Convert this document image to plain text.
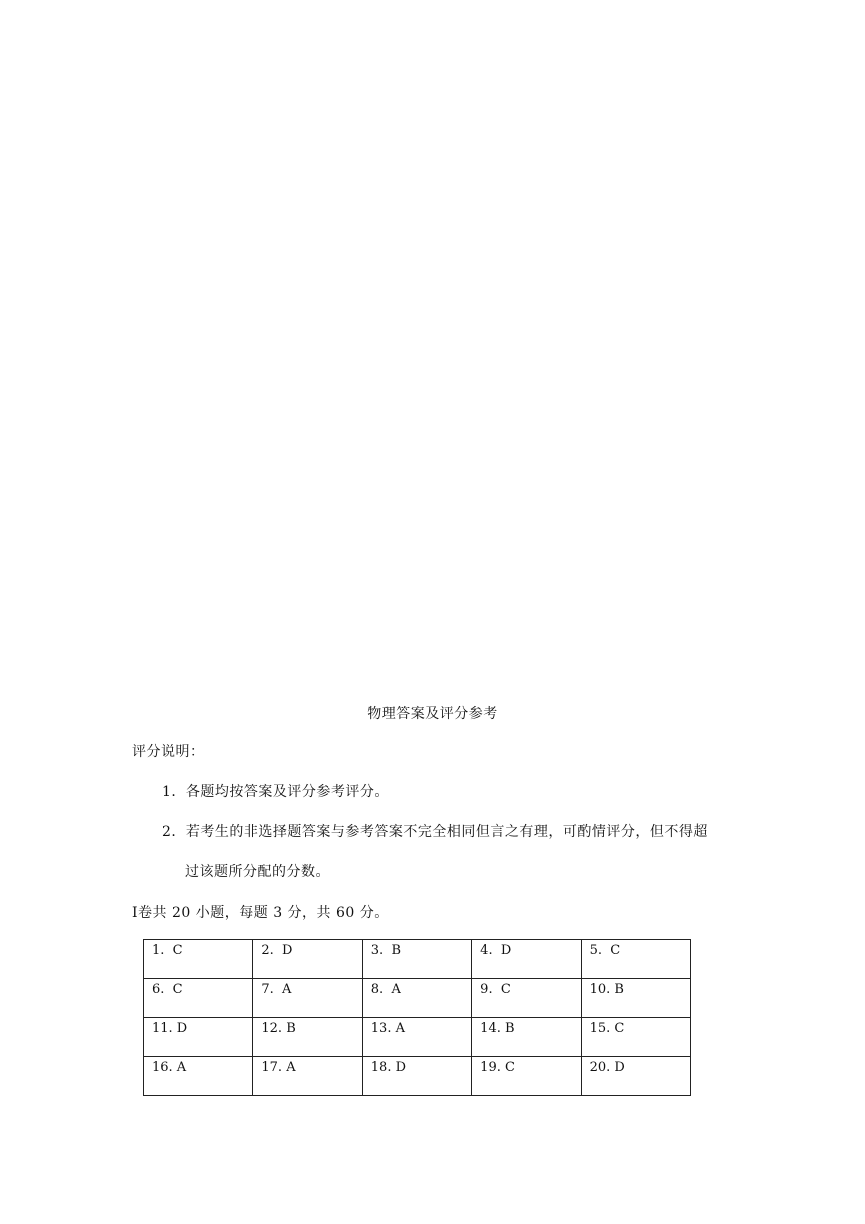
物理答案及评分参考
评分说明：
1．各题均按答案及评分参考评分。
2．若考生的非选择题答案与参考答案不完全相同但言之有理，可酌情评分，但不得超
过该题所分配的分数。
Ⅰ卷共 20 小题，每题 3 分，共 60 分。
1.  C	2.  D	3.  B	4.  D	5.  C
6.  C	7.  A	8.  A	9.  C	10. B
11. D	12. B	13. A	14. B	15. C
16. A	17. A	18. D	19. C	20. D
